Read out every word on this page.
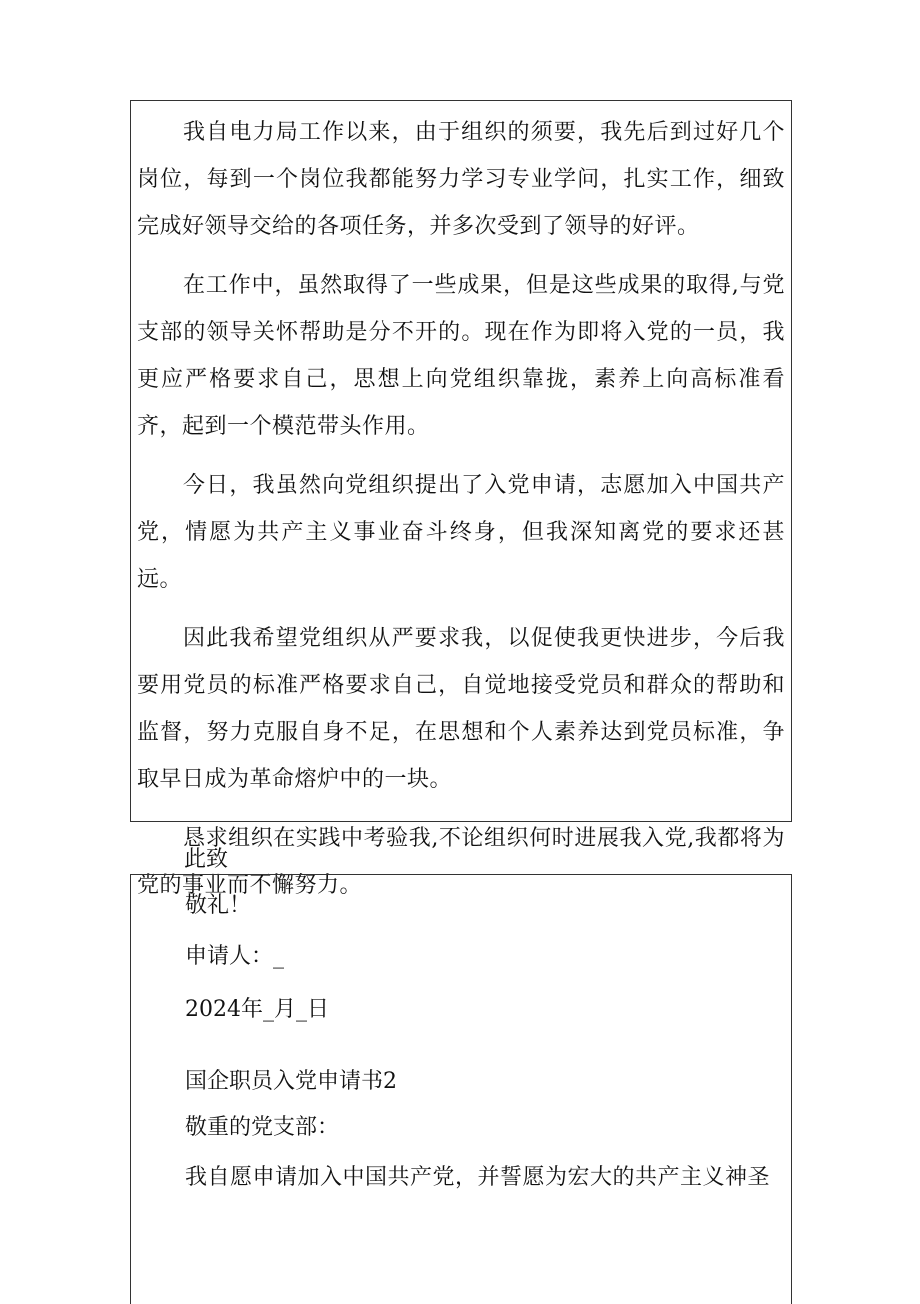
我自电力局工作以来，由于组织的须要，我先后到过好几个岗位，每到一个岗位我都能努力学习专业学问，扎实工作，细致完成好领导交给的各项任务，并多次受到了领导的好评。

在工作中，虽然取得了一些成果，但是这些成果的取得,与党支部的领导关怀帮助是分不开的。现在作为即将入党的一员，我更应严格要求自己，思想上向党组织靠拢，素养上向高标准看齐，起到一个模范带头作用。

今日，我虽然向党组织提出了入党申请，志愿加入中国共产党，情愿为共产主义事业奋斗终身，但我深知离党的要求还甚远。

因此我希望党组织从严要求我，以促使我更快进步，今后我要用党员的标准严格要求自己，自觉地接受党员和群众的帮助和监督，努力克服自身不足，在思想和个人素养达到党员标准，争取早日成为革命熔炉中的一块。

恳求组织在实践中考验我,不论组织何时进展我入党,我都将为党的事业而不懈努力。

此致

敬礼！

申请人：_

2024年_月_日

国企职员入党申请书2

敬重的党支部：

我自愿申请加入中国共产党，并誓愿为宏大的共产主义神圣
